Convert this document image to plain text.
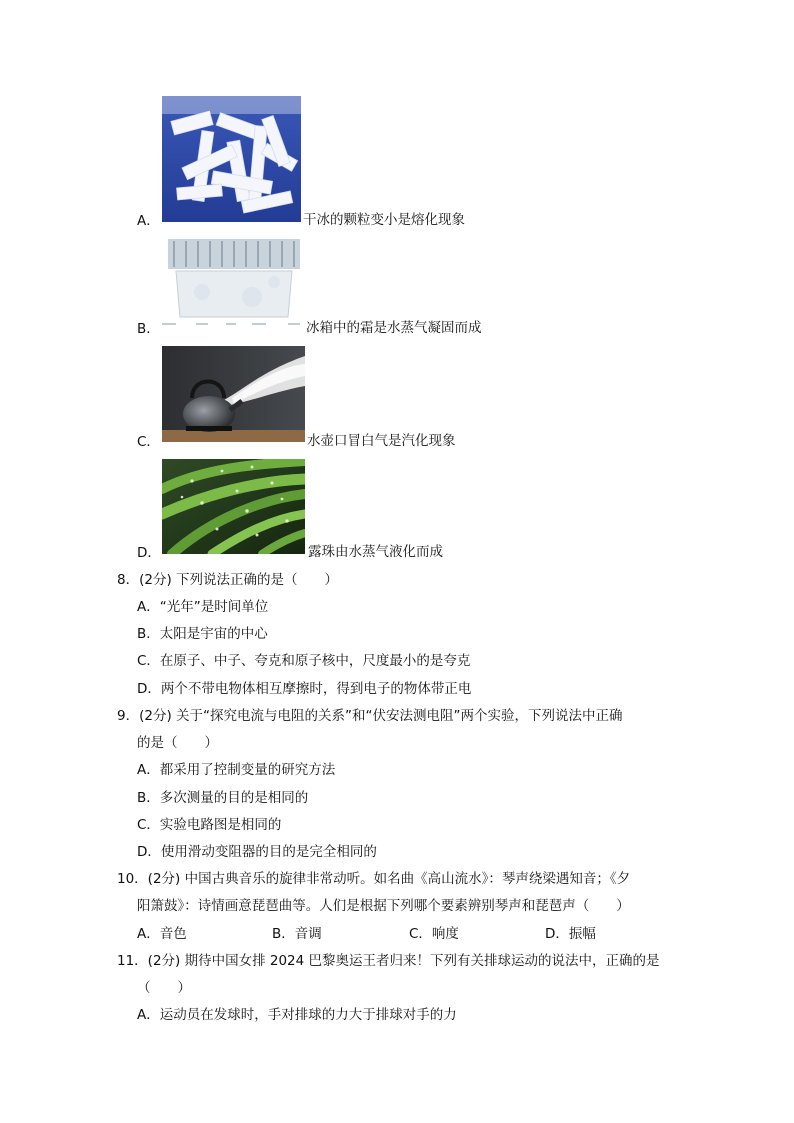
A．	干冰的颗粒变小是熔化现象
B．	冰箱中的霜是水蒸气凝固而成
C．	水壶口冒白气是汽化现象
D．	露珠由水蒸气液化而成
8．(2分) 下列说法正确的是（　　）
A．“光年”是时间单位
B．太阳是宇宙的中心
C．在原子、中子、夸克和原子核中，尺度最小的是夸克
D．两个不带电物体相互摩擦时，得到电子的物体带正电
9．(2分) 关于“探究电流与电阻的关系”和“伏安法测电阻”两个实验，下列说法中正确
的是（　　）
A．都采用了控制变量的研究方法
B．多次测量的目的是相同的
C．实验电路图是相同的
D．使用滑动变阻器的目的是完全相同的
10．(2分) 中国古典音乐的旋律非常动听。如名曲《高山流水》：琴声绕梁遇知音；《夕
阳箫鼓》：诗情画意琵琶曲等。人们是根据下列哪个要素辨别琴声和琵琶声（　　）
A．音色	B．音调	C．响度	D．振幅
11．(2分) 期待中国女排 2024 巴黎奥运王者归来！下列有关排球运动的说法中，正确的是
（　　）
A．运动员在发球时，手对排球的力大于排球对手的力
